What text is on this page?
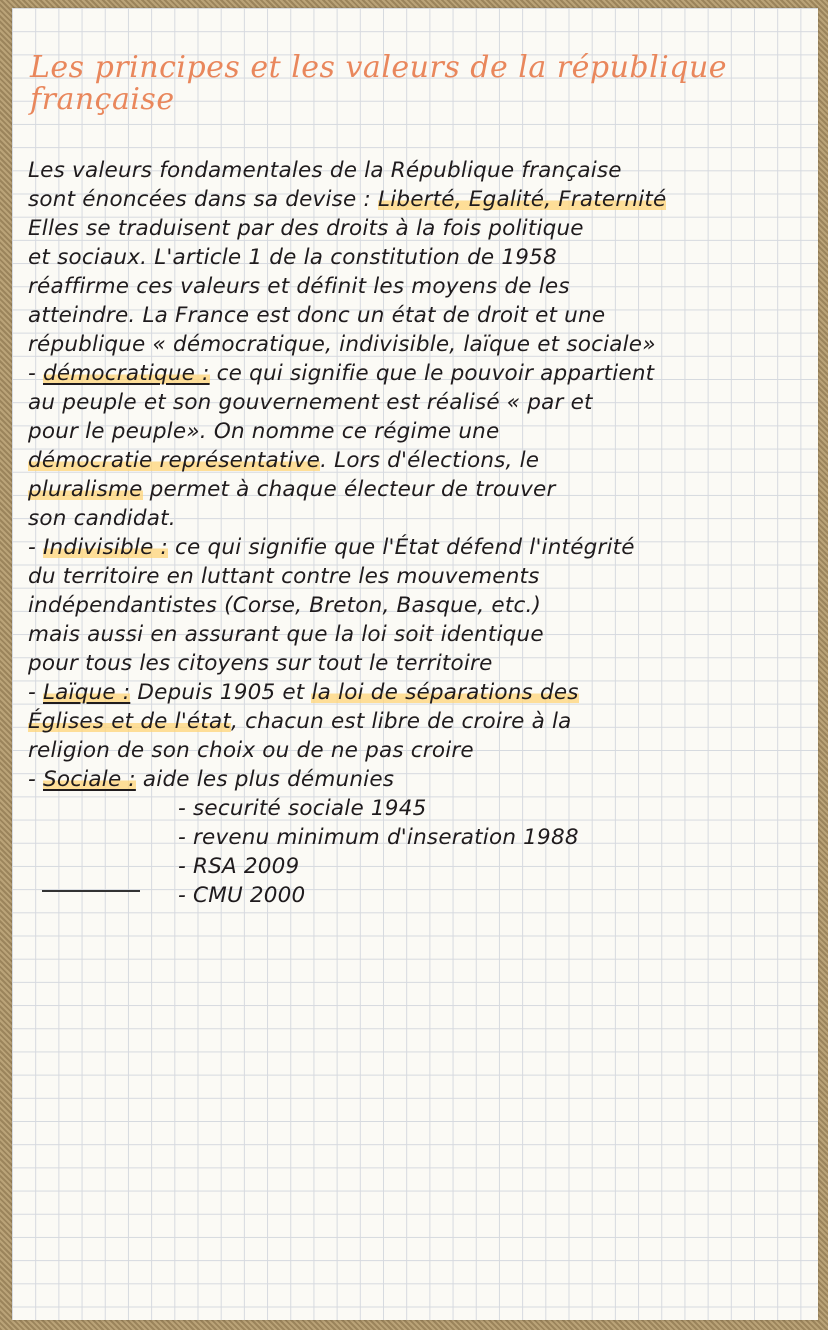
Les principes et les valeurs de la république
française
Les valeurs fondamentales de la République française
sont énoncées dans sa devise : Liberté, Egalité, Fraternité
Elles se traduisent par des droits à la fois politique
et sociaux. L'article 1 de la constitution de 1958
réaffirme ces valeurs et définit les moyens de les
atteindre. La France est donc un état de droit et une
république « démocratique, indivisible, laïque et sociale»
- démocratique : ce qui signifie que le pouvoir appartient
au peuple et son gouvernement est réalisé « par et
pour le peuple». On nomme ce régime une
démocratie représentative. Lors d'élections, le
pluralisme permet à chaque électeur de trouver
son candidat.
- Indivisible : ce qui signifie que l'État défend l'intégrité
du territoire en luttant contre les mouvements
indépendantistes (Corse, Breton, Basque, etc.)
mais aussi en assurant que la loi soit identique
pour tous les citoyens sur tout le territoire
- Laïque : Depuis 1905 et la loi de séparations des
Églises et de l'état, chacun est libre de croire à la
religion de son choix ou de ne pas croire
- Sociale : aide les plus démunies
- securité sociale 1945
- revenu minimum d'inseration 1988
- RSA 2009
- CMU 2000
